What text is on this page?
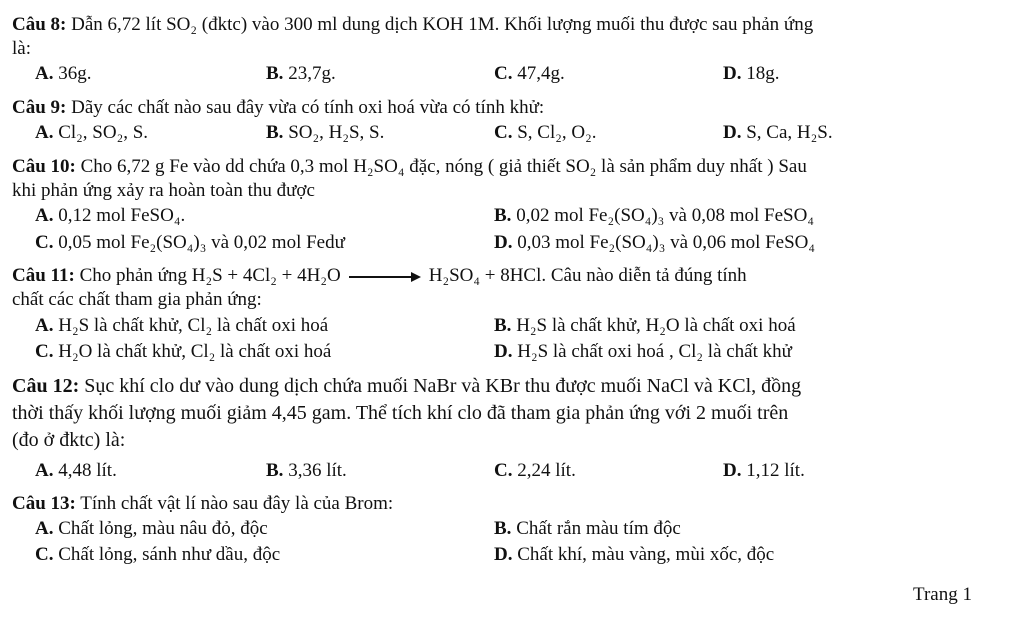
Câu 8: Dẫn 6,72 lít SO₂ (đktc) vào 300 ml dung dịch KOH 1M. Khối lượng muối thu được sau phản ứng
là:
A. 36g.	B. 23,7g.	C. 47,4g.	D. 18g.
Câu 9: Dãy các chất nào sau đây vừa có tính oxi hoá vừa có tính khử:
A. Cl₂, SO₂, S.	B. SO₂, H₂S, S.	C. S, Cl₂, O₂.	D. S, Ca, H₂S.
Câu 10: Cho 6,72 g Fe vào dd chứa 0,3 mol H₂SO₄ đặc, nóng ( giả thiết SO₂ là sản phẩm duy nhất ) Sau
khi phản ứng xảy ra hoàn toàn thu được
A. 0,12 mol FeSO₄.	B. 0,02 mol Fe₂(SO₄)₃ và 0,08 mol FeSO₄
C. 0,05 mol Fe₂(SO₄)₃ và 0,02 mol Fedư	D. 0,03 mol Fe₂(SO₄)₃ và 0,06 mol FeSO₄
Câu 11: Cho phản ứng H₂S + 4Cl₂ + 4H₂O	H₂SO₄ + 8HCl. Câu nào diễn tả đúng tính
chất các chất tham gia phản ứng:
A. H₂S là chất khử, Cl₂ là chất oxi hoá	B. H₂S là chất khử, H₂O là chất oxi hoá
C. H₂O là chất khử, Cl₂ là chất oxi hoá	D. H₂S là chất oxi hoá , Cl₂ là chất khử
Câu 12: Sục khí clo dư vào dung dịch chứa muối NaBr và KBr thu được muối NaCl và KCl, đồng
thời thấy khối lượng muối giảm 4,45 gam. Thể tích khí clo đã tham gia phản ứng với 2 muối trên
(đo ở đktc) là:
A. 4,48 lít.	B. 3,36 lít.	C. 2,24 lít.	D. 1,12 lít.
Câu 13: Tính chất vật lí nào sau đây là của Brom:
A. Chất lỏng, màu nâu đỏ, độc	B. Chất rắn màu tím độc
C. Chất lỏng, sánh như dầu, độc	D. Chất khí, màu vàng, mùi xốc, độc
Trang 1
